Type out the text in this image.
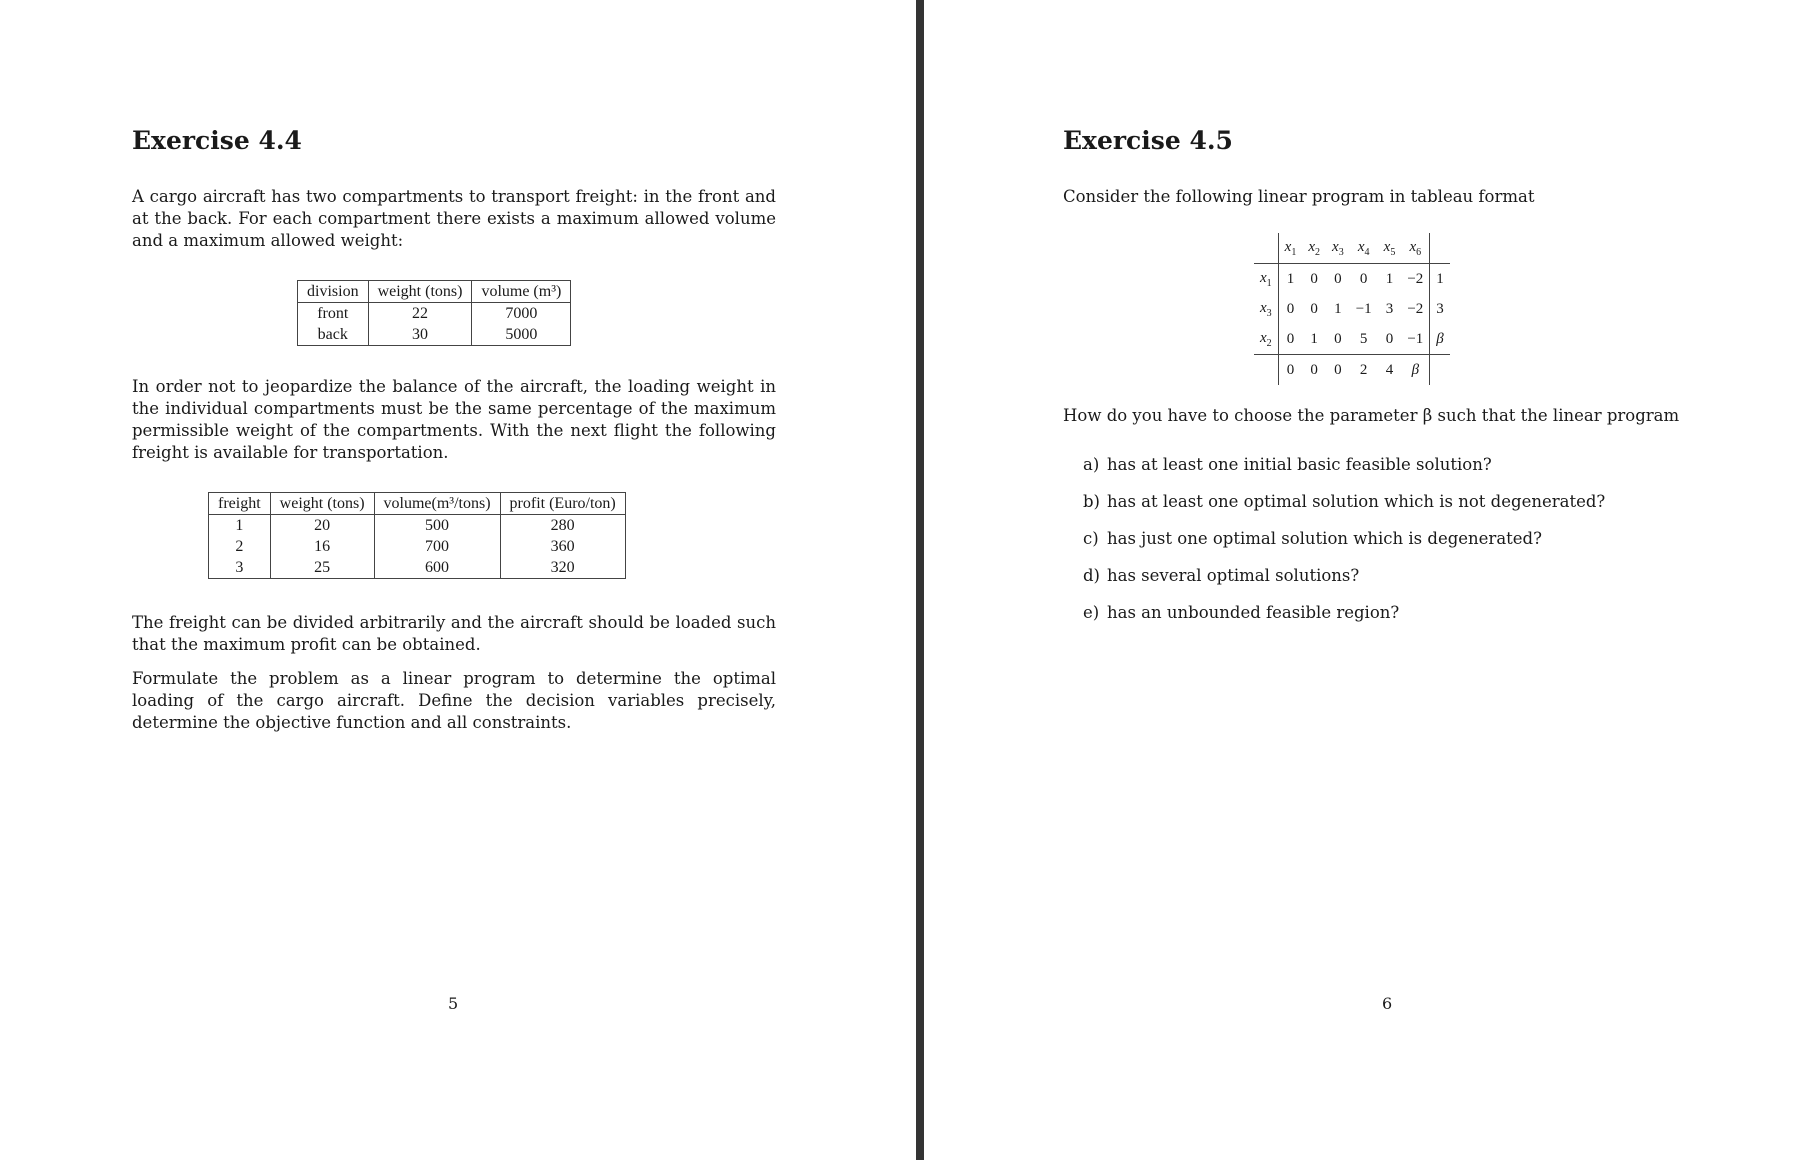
Exercise 4.4

A cargo aircraft has two compartments to transport freight: in the front and at the back. For each compartment there exists a maximum allowed volume and a maximum allowed weight:

division	weight (tons)	volume (m³)
front	22	7000
back	30	5000

In order not to jeopardize the balance of the aircraft, the loading weight in the individual compartments must be the same percentage of the maximum permissible weight of the compartments. With the next flight the following freight is available for transportation.

freight	weight (tons)	volume(m³/tons)	profit (Euro/ton)
1	20	500	280
2	16	700	360
3	25	600	320

The freight can be divided arbitrarily and the aircraft should be loaded such that the maximum profit can be obtained.

Formulate the problem as a linear program to determine the optimal loading of the cargo aircraft. Define the decision variables precisely, determine the objective function and all constraints.

5
Exercise 4.5

Consider the following linear program in tableau format

	$x_1$	$x_2$	$x_3$	$x_4$	$x_5$	$x_6$	
$x_1$	1	0	0	0	1	−2	1
$x_3$	0	0	1	−1	3	−2	3
$x_2$	0	1	0	5	0	−1	β
	0	0	0	2	4	β	

How do you have to choose the parameter β such that the linear program

a) has at least one initial basic feasible solution?
b) has at least one optimal solution which is not degenerated?
c) has just one optimal solution which is degenerated?
d) has several optimal solutions?
e) has an unbounded feasible region?
6
